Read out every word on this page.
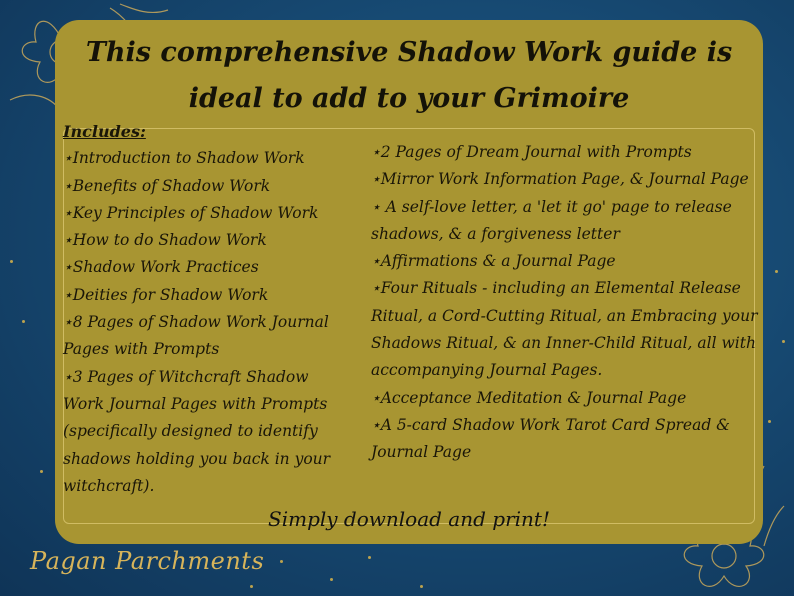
This comprehensive Shadow Work guide is ideal to add to your Grimoire
Includes:

⋆Introduction to Shadow Work

⋆Benefits of Shadow Work

⋆Key Principles of Shadow Work

⋆How to do Shadow Work

⋆Shadow Work Practices

⋆Deities for Shadow Work

⋆8 Pages of Shadow Work Journal Pages with Prompts

⋆3 Pages of Witchcraft Shadow Work Journal Pages with Prompts (specifically designed to identify shadows holding you back in your witchcraft).

⋆2 Pages of Dream Journal with Prompts

⋆Mirror Work Information Page, & Journal Page

⋆ A self-love letter, a 'let it go' page to release shadows, & a forgiveness letter

⋆Affirmations & a Journal Page

⋆Four Rituals - including an Elemental Release Ritual, a Cord-Cutting Ritual, an Embracing your Shadows Ritual, & an Inner-Child Ritual, all with accompanying Journal Pages.

⋆Acceptance Meditation & Journal Page

⋆A 5-card Shadow Work Tarot Card Spread & Journal Page

Simply download and print!
Pagan Parchments
